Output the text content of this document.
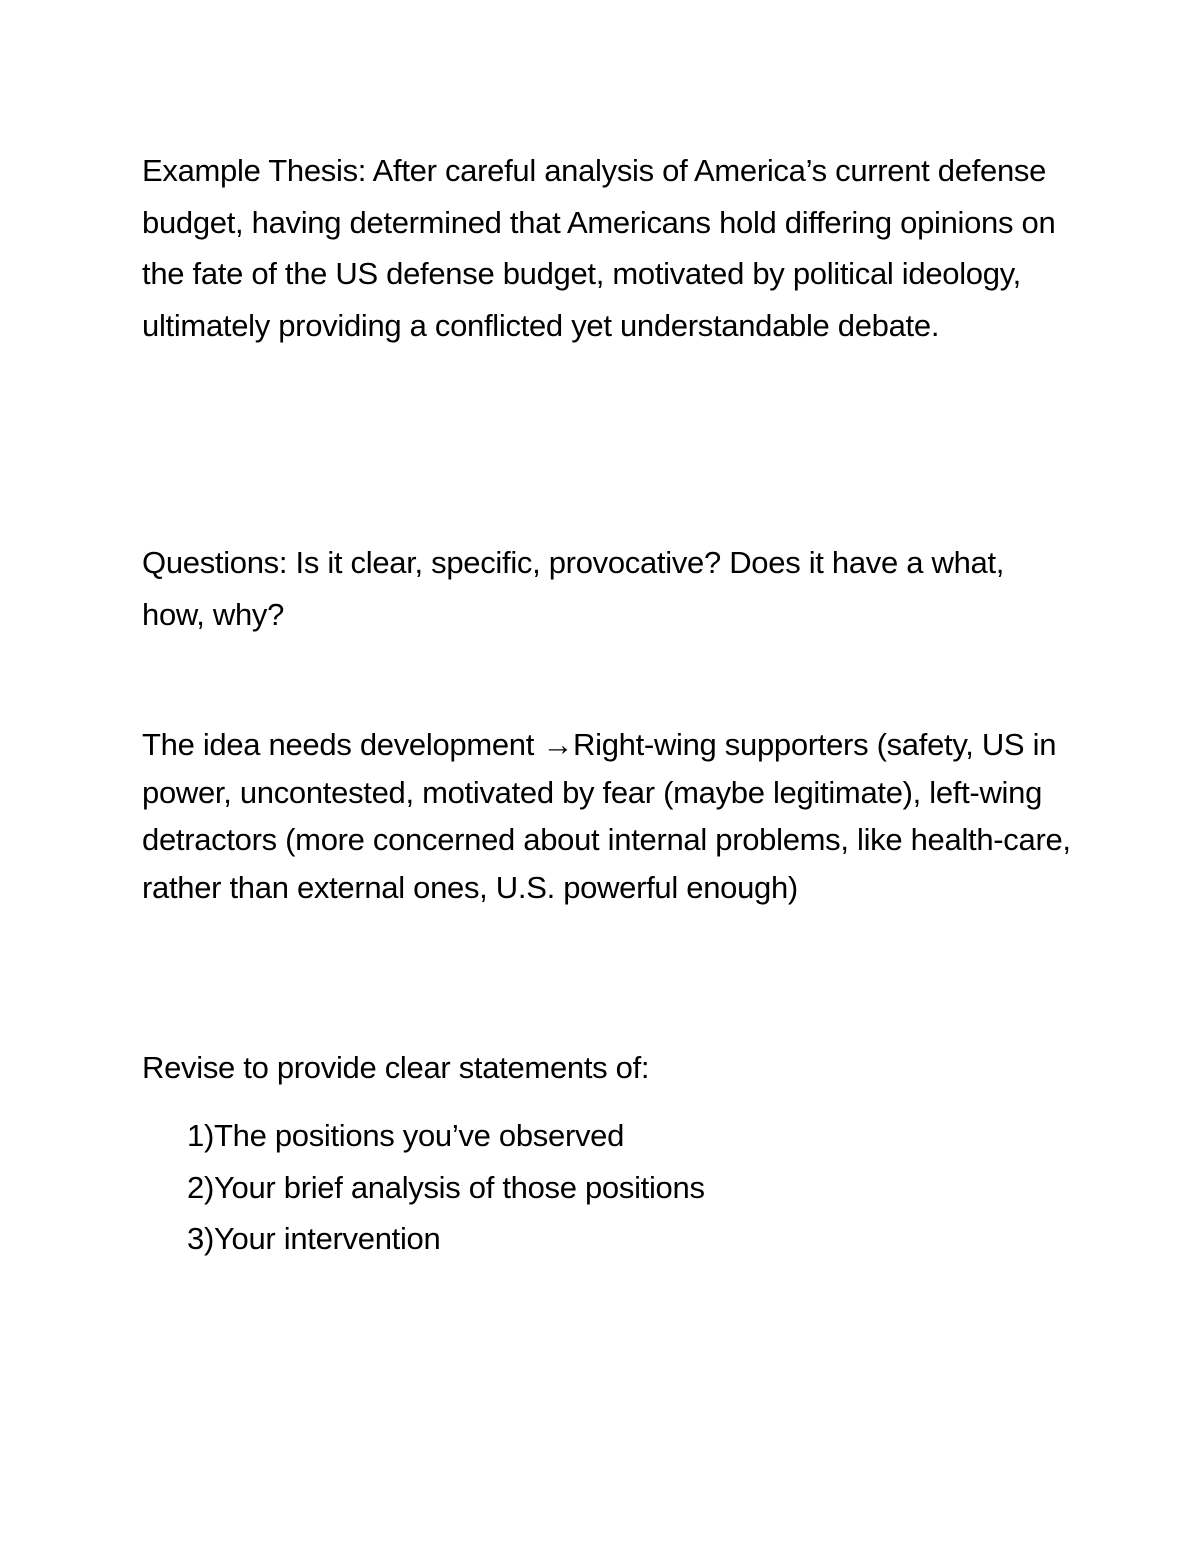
Example Thesis: After careful analysis of America’s current defense budget, having determined that Americans hold differing opinions on the fate of the US defense budget, motivated by political ideology, ultimately providing a conflicted yet understandable debate.

Questions: Is it clear, specific, provocative? Does it have a what, how, why?

The idea needs development →Right-wing supporters (safety, US in power, uncontested, motivated by fear (maybe legitimate), left-wing detractors (more concerned about internal problems, like health-care, rather than external ones, U.S. powerful enough)

Revise to provide clear statements of:

1) The positions you’ve observed
2) Your brief analysis of those positions
3) Your intervention
